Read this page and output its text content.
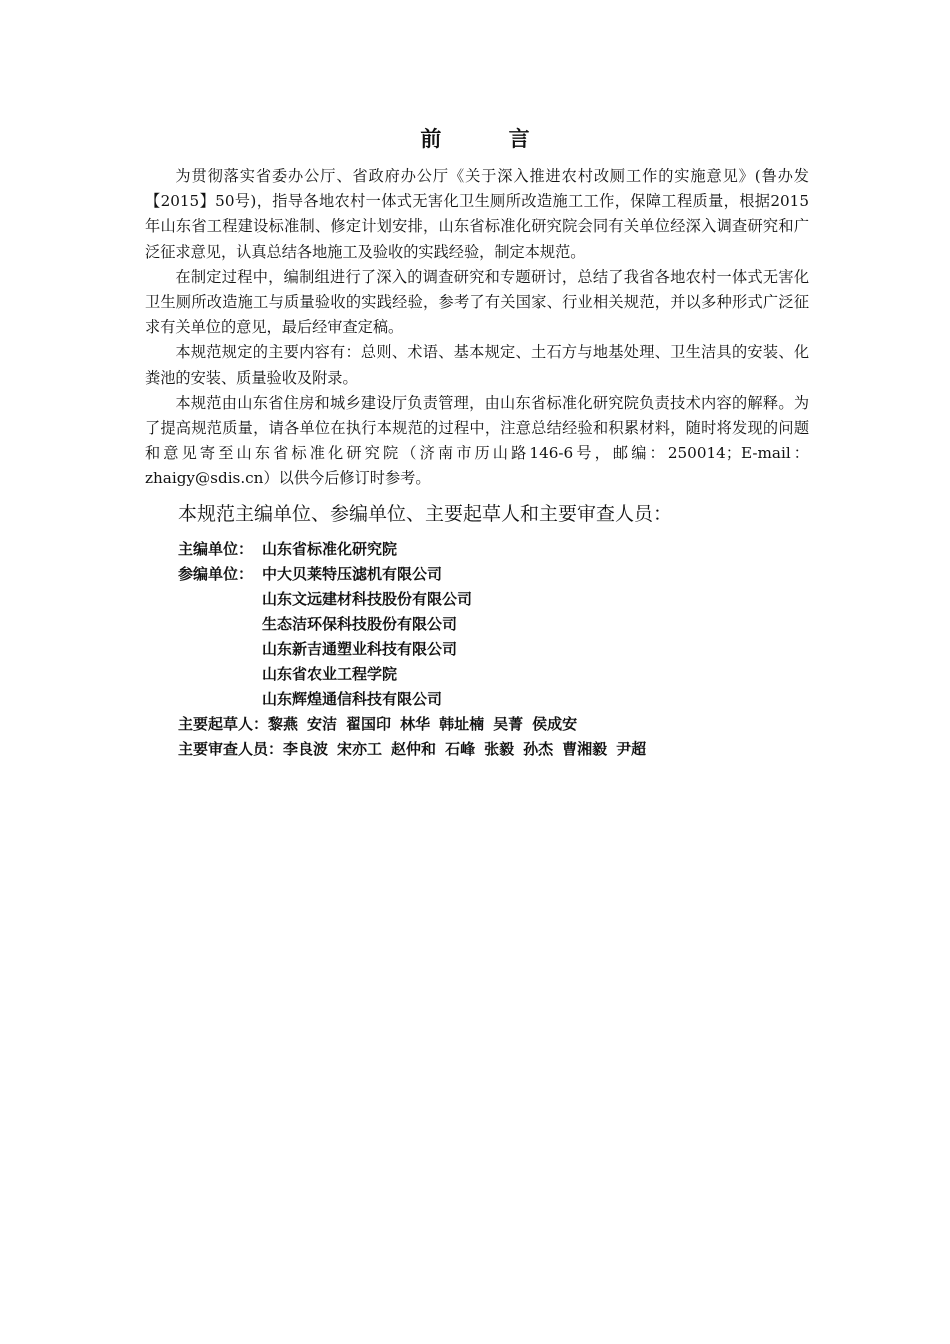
前 言

为贯彻落实省委办公厅、省政府办公厅《关于深入推进农村改厕工作的实施意见》(鲁办发【2015】50号)，指导各地农村一体式无害化卫生厕所改造施工工作，保障工程质量，根据2015年山东省工程建设标准制、修定计划安排，山东省标准化研究院会同有关单位经深入调查研究和广泛征求意见，认真总结各地施工及验收的实践经验，制定本规范。

在制定过程中，编制组进行了深入的调查研究和专题研讨，总结了我省各地农村一体式无害化卫生厕所改造施工与质量验收的实践经验，参考了有关国家、行业相关规范，并以多种形式广泛征求有关单位的意见，最后经审查定稿。

本规范规定的主要内容有：总则、术语、基本规定、土石方与地基处理、卫生洁具的安装、化粪池的安装、质量验收及附录。

本规范由山东省住房和城乡建设厅负责管理，由山东省标准化研究院负责技术内容的解释。为了提高规范质量，请各单位在执行本规范的过程中，注意总结经验和积累材料，随时将发现的问题和意见寄至山东省标准化研究院（济南市历山路146-6号，邮编：250014；E-mail：zhaigy@sdis.cn）以供今后修订时参考。

本规范主编单位、参编单位、主要起草人和主要审查人员：
主编单位： 山东省标准化研究院
参编单位： 中大贝莱特压滤机有限公司
山东文远建材科技股份有限公司
生态洁环保科技股份有限公司
山东新吉通塑业科技有限公司
山东省农业工程学院
山东辉煌通信科技有限公司
主要起草人： 黎燕 安洁 翟国印 林华 韩址楠 吴菁 侯成安
主要审查人员： 李良波 宋亦工 赵仲和 石峰 张毅 孙杰 曹湘毅 尹超
